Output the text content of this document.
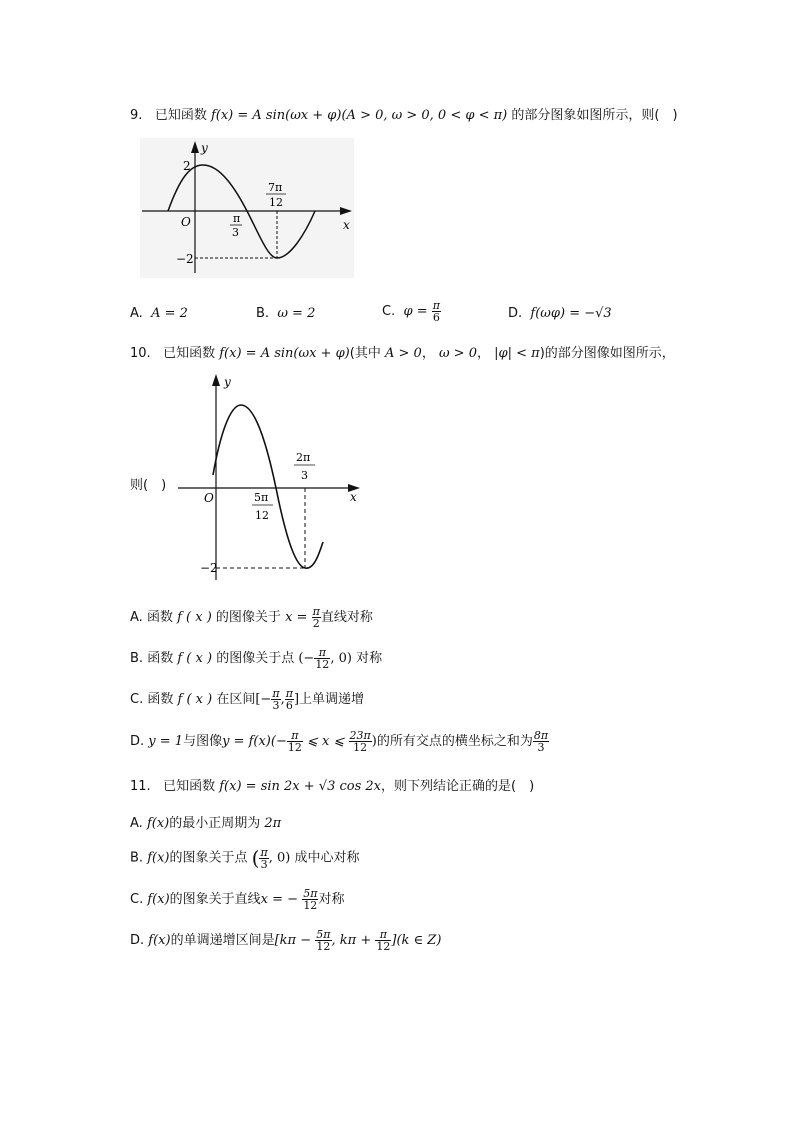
9. 已知函数 f(x) = A sin(ωx + φ)(A > 0, ω > 0, 0 < φ < π) 的部分图象如图所示，则(　)
y
x
O
2
−2
π
3
7π
12
A. A = 2	B. ω = 2	C. $\varphi = \frac{\pi}{6}$	D. f(ωφ) = −√3
10. 已知函数 f(x) = A sin(ωx + φ)(其中 A > 0， ω > 0， |φ| < π)的部分图像如图所示，
则(　)
y
x
O
−2
5π
12
2π
3
A. 函数 f ( x ) 的图像关于 $x = \frac{\pi}{2}$ 直线对称
B. 函数 f ( x ) 的图像关于点 (− $\frac{\pi}{12}$ , 0) 对称
C. 函数 f ( x ) 在区间[− $\frac{\pi}{3}$ , $\frac{\pi}{6}$ ]上单调递增
D. y = 1与图像$y = f(x)(- \frac{\pi}{12}$ ⩽ x ⩽ $\frac{23\pi}{12}$ )的所有交点的横坐标之和为 $\frac{8\pi}{3}$
11. 已知函数 f(x) = sin 2x + √3 cos 2x，则下列结论正确的是(　)
A. f(x)的最小正周期为 2π
B. f(x)的图象关于点 ( $\frac{\pi}{3}$ , 0) 成中心对称
C. f(x)的图象关于直线x = − $\frac{5\pi}{12}$ 对称
D. f(x)的单调递增区间是[$k\pi - \frac{5\pi}{12}$ , $k\pi + \frac{\pi}{12} ](k$ ∈ Z)
